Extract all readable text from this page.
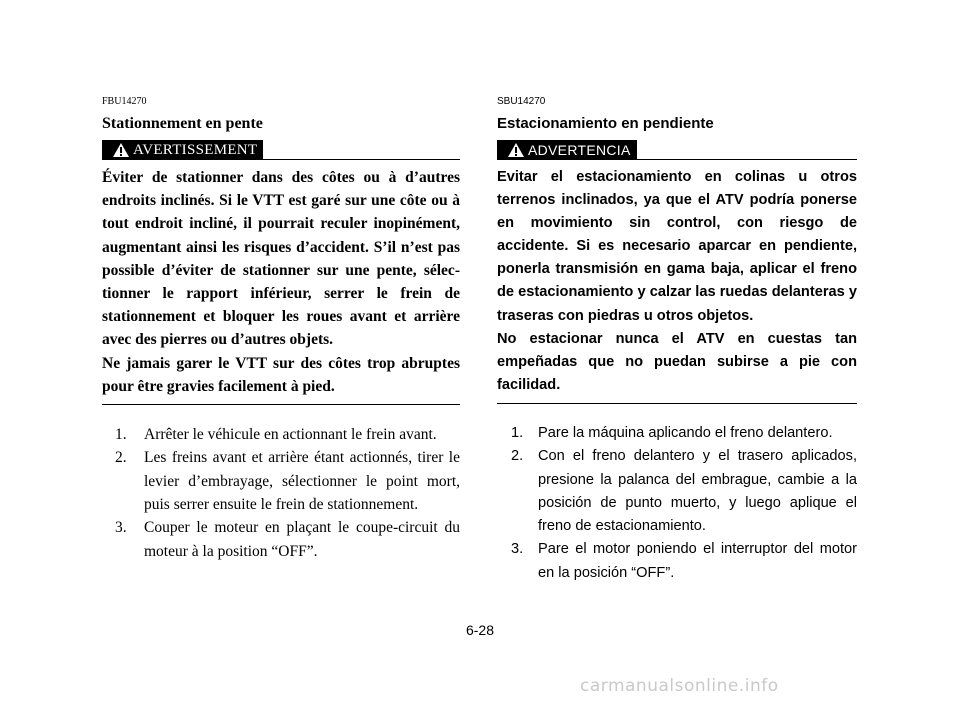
FBU14270
Stationnement en pente
AVERTISSEMENT

Éviter de stationner dans des côtes ou à d’autres endroits inclinés. Si le VTT est garé sur une côte ou à tout endroit incliné, il pourrait reculer inopinément, augmentant ainsi les risques d’accident. S’il n’est pas possible d’éviter de stationner sur une pente, sélectionner le rapport inférieur, serrer le frein de stationnement et bloquer les roues avant et arrière avec des pierres ou d’autres objets.

Ne jamais garer le VTT sur des côtes trop abruptes pour être gravies facilement à pied.

1. Arrêter le véhicule en actionnant le frein avant.
2. Les freins avant et arrière étant actionnés, tirer le levier d’embrayage, sélectionner le point mort, puis serrer ensuite le frein de stationnement.
3. Couper le moteur en plaçant le coupe-circuit du moteur à la position “OFF”.
SBU14270
Estacionamiento en pendiente
ADVERTENCIA

Evitar el estacionamiento en colinas u otros terrenos inclinados, ya que el ATV podría ponerse en movimiento sin control, con riesgo de accidente. Si es necesario aparcar en pendiente, ponerla transmisión en gama baja, aplicar el freno de estacionamiento y calzar las ruedas delanteras y traseras con piedras u otros objetos.

No estacionar nunca el ATV en cuestas tan empeñadas que no puedan subirse a pie con facilidad.

1. Pare la máquina aplicando el freno delantero.
2. Con el freno delantero y el trasero aplicados, presione la palanca del embrague, cambie a la posición de punto muerto, y luego aplique el freno de estacionamiento.
3. Pare el motor poniendo el interruptor del motor en la posición “OFF”.
6-28
carmanualsonline.info
